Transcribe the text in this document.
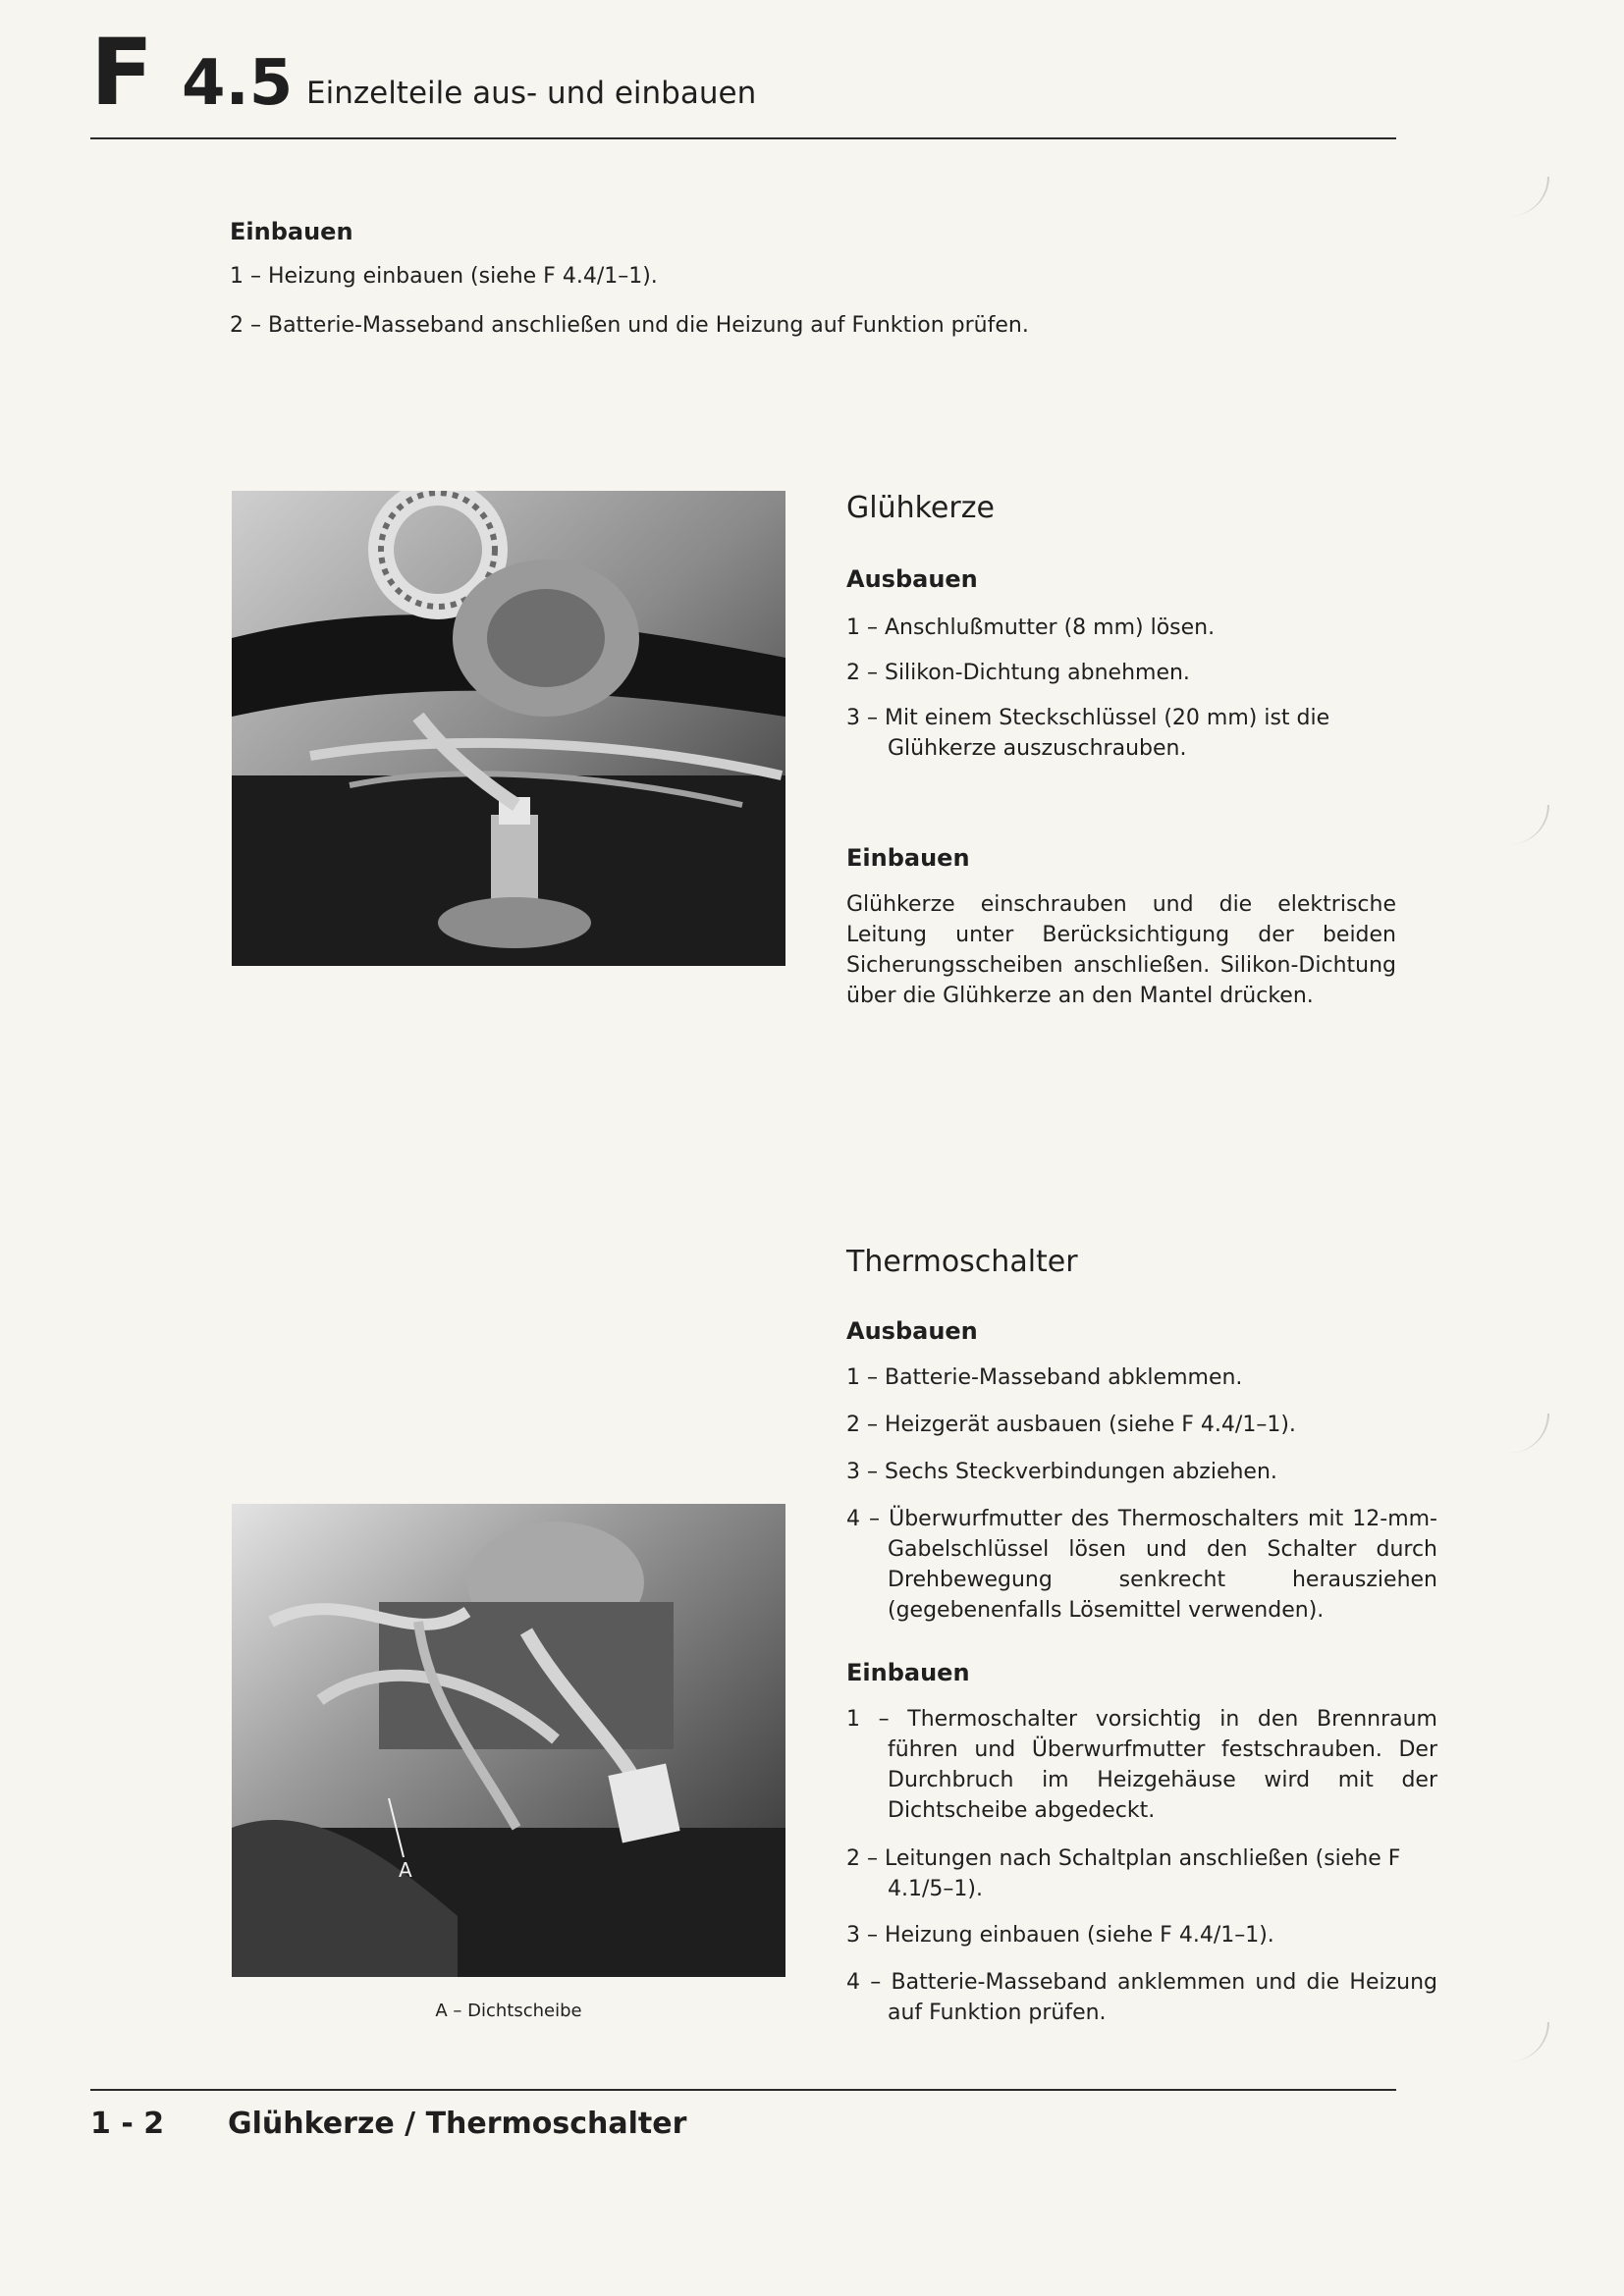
F 4.5 Einzelteile aus- und einbauen
Einbauen
1 – Heizung einbauen (siehe F 4.4/1–1).
2 – Batterie-Masseband anschließen und die Heizung auf Funktion prüfen.
Glühkerze
Ausbauen
1 – Anschlußmutter (8 mm) lösen.
2 – Silikon-Dichtung abnehmen.
3 – Mit einem Steckschlüssel (20 mm) ist die Glühkerze auszuschrauben.
Einbauen
Glühkerze einschrauben und die elektrische Leitung unter Berücksichtigung der beiden Sicherungsscheiben anschließen. Silikon-Dichtung über die Glühkerze an den Mantel drücken.
Thermoschalter
Ausbauen
1 – Batterie-Masseband abklemmen.
2 – Heizgerät ausbauen (siehe F 4.4/1–1).
3 – Sechs Steckverbindungen abziehen.
4 – Überwurfmutter des Thermoschalters mit 12-mm-Gabelschlüssel lösen und den Schalter durch Drehbewegung senkrecht herausziehen (gegebenenfalls Lösemittel verwenden).
Einbauen
1 – Thermoschalter vorsichtig in den Brennraum führen und Überwurfmutter festschrauben. Der Durchbruch im Heizgehäuse wird mit der Dichtscheibe abgedeckt.
2 – Leitungen nach Schaltplan anschließen (siehe F 4.1/5–1).
3 – Heizung einbauen (siehe F 4.4/1–1).
4 – Batterie-Masseband anklemmen und die Heizung auf Funktion prüfen.
A
A – Dichtscheibe
1 - 2 Glühkerze / Thermoschalter
